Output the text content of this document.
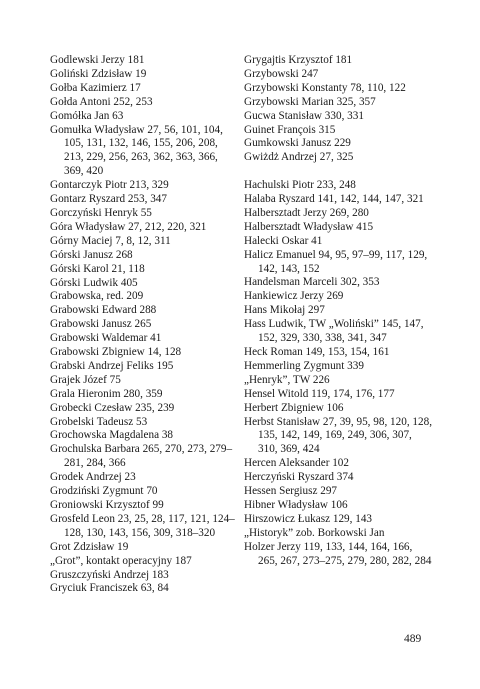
Godlewski Jerzy 181
Goliński Zdzisław 19
Gołba Kazimierz 17
Gołda Antoni 252, 253
Gomółka Jan 63
Gomułka Władysław 27, 56, 101, 104, 105, 131, 132, 146, 155, 206, 208, 213, 229, 256, 263, 362, 363, 366, 369, 420
Gontarczyk Piotr 213, 329
Gontarz Ryszard 253, 347
Gorczyński Henryk 55
Góra Władysław 27, 212, 220, 321
Górny Maciej 7, 8, 12, 311
Górski Janusz 268
Górski Karol 21, 118
Górski Ludwik 405
Grabowska, red. 209
Grabowski Edward 288
Grabowski Janusz 265
Grabowski Waldemar 41
Grabowski Zbigniew 14, 128
Grabski Andrzej Feliks 195
Grajek Józef 75
Grala Hieronim 280, 359
Grobecki Czesław 235, 239
Grobelski Tadeusz 53
Grochowska Magdalena 38
Grochulska Barbara 265, 270, 273, 279–281, 284, 366
Grodek Andrzej 23
Grodziński Zygmunt 70
Groniowski Krzysztof 99
Grosfeld Leon 23, 25, 28, 117, 121, 124–128, 130, 143, 156, 309, 318–320
Grot Zdzisław 19
„Grot”, kontakt operacyjny 187
Gruszczyński Andrzej 183
Gryciuk Franciszek 63, 84
Grygajtis Krzysztof 181
Grzybowski 247
Grzybowski Konstanty 78, 110, 122
Grzybowski Marian 325, 357
Gucwa Stanisław 330, 331
Guinet François 315
Gumkowski Janusz 229
Gwiżdż Andrzej 27, 325
Hachulski Piotr 233, 248
Halaba Ryszard 141, 142, 144, 147, 321
Halbersztadt Jerzy 269, 280
Halbersztadt Władysław 415
Halecki Oskar 41
Halicz Emanuel 94, 95, 97–99, 117, 129, 142, 143, 152
Handelsman Marceli 302, 353
Hankiewicz Jerzy 269
Hans Mikołaj 297
Hass Ludwik, TW „Woliński” 145, 147, 152, 329, 330, 338, 341, 347
Heck Roman 149, 153, 154, 161
Hemmerling Zygmunt 339
„Henryk”, TW 226
Hensel Witold 119, 174, 176, 177
Herbert Zbigniew 106
Herbst Stanisław 27, 39, 95, 98, 120, 128, 135, 142, 149, 169, 249, 306, 307, 310, 369, 424
Hercen Aleksander 102
Herczyński Ryszard 374
Hessen Sergiusz 297
Hibner Władysław 106
Hirszowicz Łukasz 129, 143
„Historyk” zob. Borkowski Jan
Holzer Jerzy 119, 133, 144, 164, 166, 265, 267, 273–275, 279, 280, 282, 284
489
